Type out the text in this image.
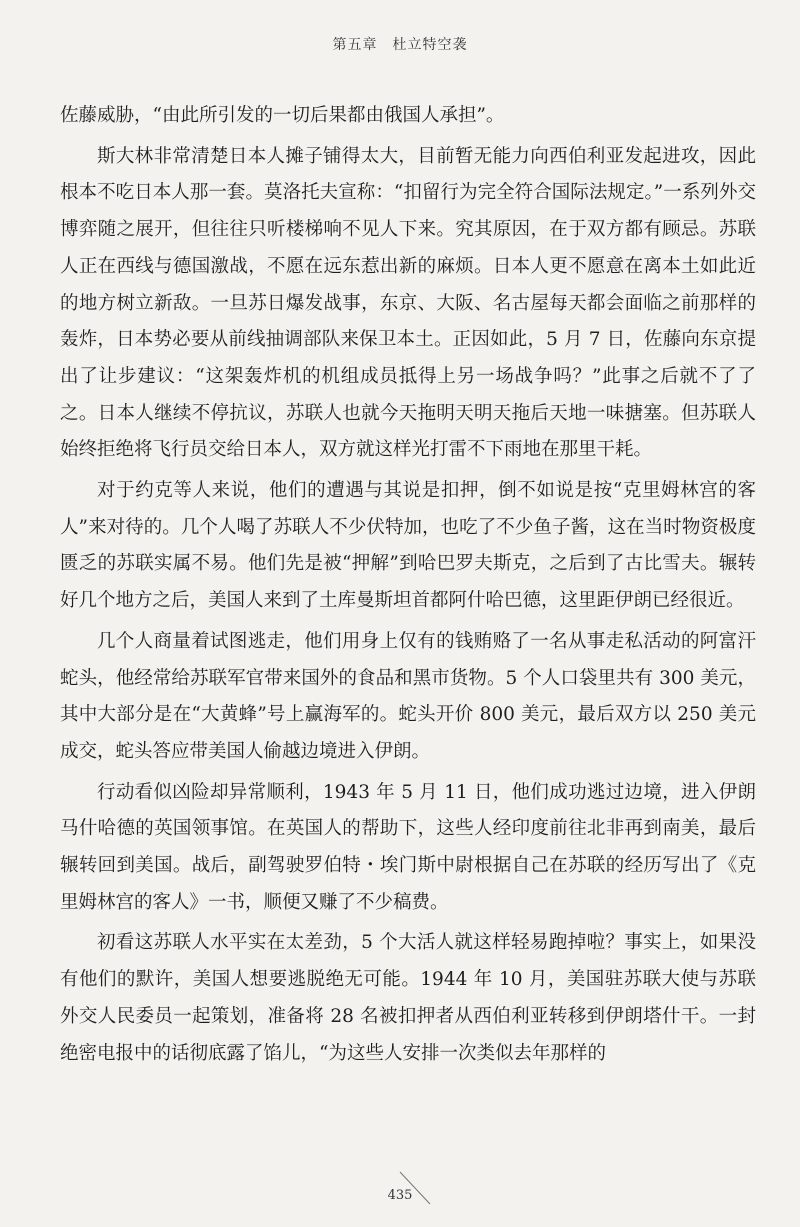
第五章　杜立特空袭

佐藤威胁，“由此所引发的一切后果都由俄国人承担”。

斯大林非常清楚日本人摊子铺得太大，目前暂无能力向西伯利亚发起进攻，因此根本不吃日本人那一套。莫洛托夫宣称：“扣留行为完全符合国际法规定。”一系列外交博弈随之展开，但往往只听楼梯响不见人下来。究其原因，在于双方都有顾忌。苏联人正在西线与德国激战，不愿在远东惹出新的麻烦。日本人更不愿意在离本土如此近的地方树立新敌。一旦苏日爆发战事，东京、大阪、名古屋每天都会面临之前那样的轰炸，日本势必要从前线抽调部队来保卫本土。正因如此，5 月 7 日，佐藤向东京提出了让步建议：“这架轰炸机的机组成员抵得上另一场战争吗？”此事之后就不了了之。日本人继续不停抗议，苏联人也就今天拖明天明天拖后天地一味搪塞。但苏联人始终拒绝将飞行员交给日本人，双方就这样光打雷不下雨地在那里干耗。

对于约克等人来说，他们的遭遇与其说是扣押，倒不如说是按“克里姆林宫的客人”来对待的。几个人喝了苏联人不少伏特加，也吃了不少鱼子酱，这在当时物资极度匮乏的苏联实属不易。他们先是被“押解”到哈巴罗夫斯克，之后到了古比雪夫。辗转好几个地方之后，美国人来到了土库曼斯坦首都阿什哈巴德，这里距伊朗已经很近。

几个人商量着试图逃走，他们用身上仅有的钱贿赂了一名从事走私活动的阿富汗蛇头，他经常给苏联军官带来国外的食品和黑市货物。5 个人口袋里共有 300 美元，其中大部分是在“大黄蜂”号上赢海军的。蛇头开价 800 美元，最后双方以 250 美元成交，蛇头答应带美国人偷越边境进入伊朗。

行动看似凶险却异常顺利，1943 年 5 月 11 日，他们成功逃过边境，进入伊朗马什哈德的英国领事馆。在英国人的帮助下，这些人经印度前往北非再到南美，最后辗转回到美国。战后，副驾驶罗伯特・埃门斯中尉根据自己在苏联的经历写出了《克里姆林宫的客人》一书，顺便又赚了不少稿费。

初看这苏联人水平实在太差劲，5 个大活人就这样轻易跑掉啦？事实上，如果没有他们的默许，美国人想要逃脱绝无可能。1944 年 10 月，美国驻苏联大使与苏联外交人民委员一起策划，准备将 28 名被扣押者从西伯利亚转移到伊朗塔什干。一封绝密电报中的话彻底露了馅儿，“为这些人安排一次类似去年那样的

435
